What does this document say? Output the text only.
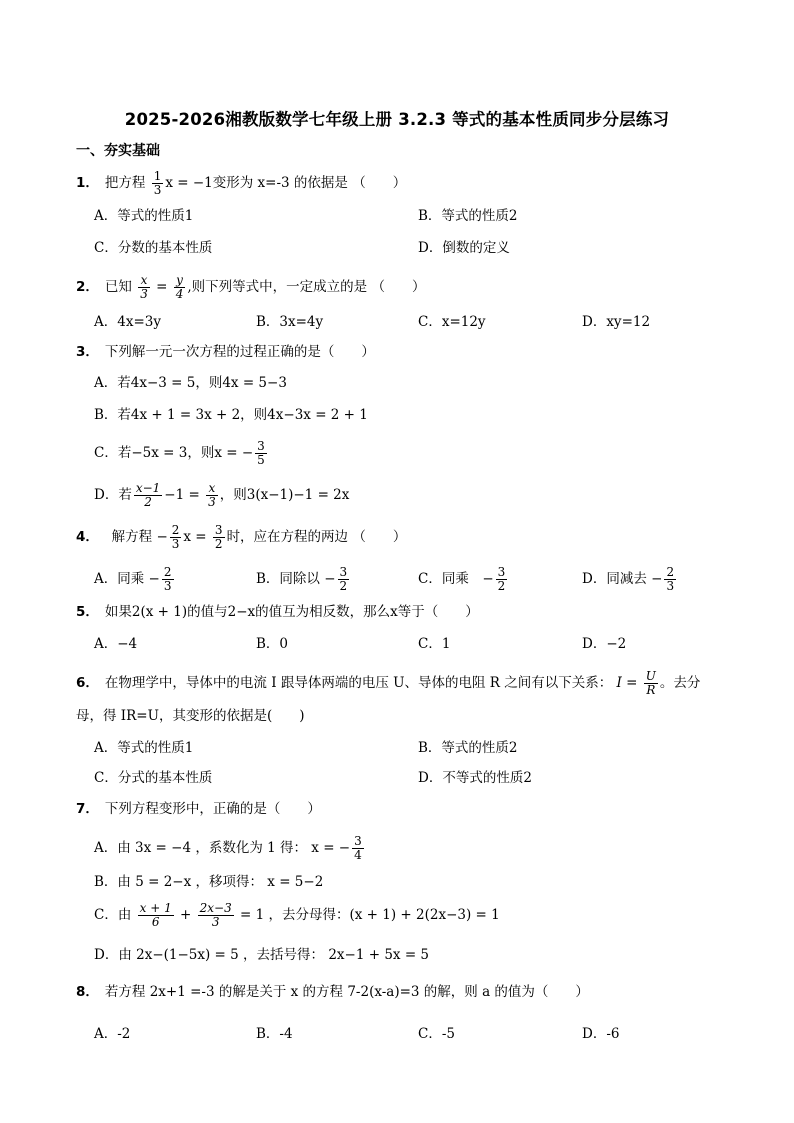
2025-2026湘教版数学七年级上册 3.2.3 等式的基本性质同步分层练习
一、夯实基础
1． 把方程 $\frac{1}{3}$ x = −1变形为 x=-3 的依据是 （　　）
A．等式的性质1	B．等式的性质2
C．分数的基本性质	D．倒数的定义
2． 已知 $\frac{x}{3} = \frac{y}{4}$ ,则下列等式中，一定成立的是 （　　）
A．4x=3y	B．3x=4y	C．x=12y	D．xy=12
3． 下列解一元一次方程的过程正确的是（　　）
A．若4x−3 = 5，则4x = 5−3
B．若4x + 1 = 3x + 2，则4x−3x = 2 + 1
C．若−5x = 3，则x = − $\frac{3}{5}$
D．若 $\frac{x-1}{2} -1 = \frac{x}{3}$ ，则3(x−1)−1 = 2x
4．　解方程 − $\frac{2}{3}$ $x = \frac{3}{2}$ 时，应在方程的两边 （　　）
A．同乘 − $\frac{2}{3}$	B．同除以 − $\frac{3}{2}$	C．同乘　− $\frac{3}{2}$	D．同减去 − $\frac{2}{3}$
5． 如果2(x + 1)的值与2−x的值互为相反数，那么x等于（　　）
A．−4	B．0	C．1	D．−2
6． 在物理学中，导体中的电流 I 跟导体两端的电压 U、导体的电阻 R 之间有以下关系： $I = \frac{U}{R}$ 。去分
母，得 IR=U，其变形的依据是(　　)
A．等式的性质1	B．等式的性质2
C．分式的基本性质	D．不等式的性质2
7． 下列方程变形中，正确的是（　　）
A．由 3x = −4 ，系数化为 1 得： x = − $\frac{3}{4}$
B．由 5 = 2−x ，移项得： x = 5−2
C．由 $\frac{x + 1}{6} + \frac{2x-3}{3} = 1$ ，去分母得：(x + 1) + 2(2x−3) = 1
D．由 2x−(1−5x) = 5 ，去括号得： 2x−1 + 5x = 5
8． 若方程 2x+1 =-3 的解是关于 x 的方程 7-2(x-a)=3 的解，则 a 的值为（　　）
A．-2	B．-4	C．-5	D．-6
